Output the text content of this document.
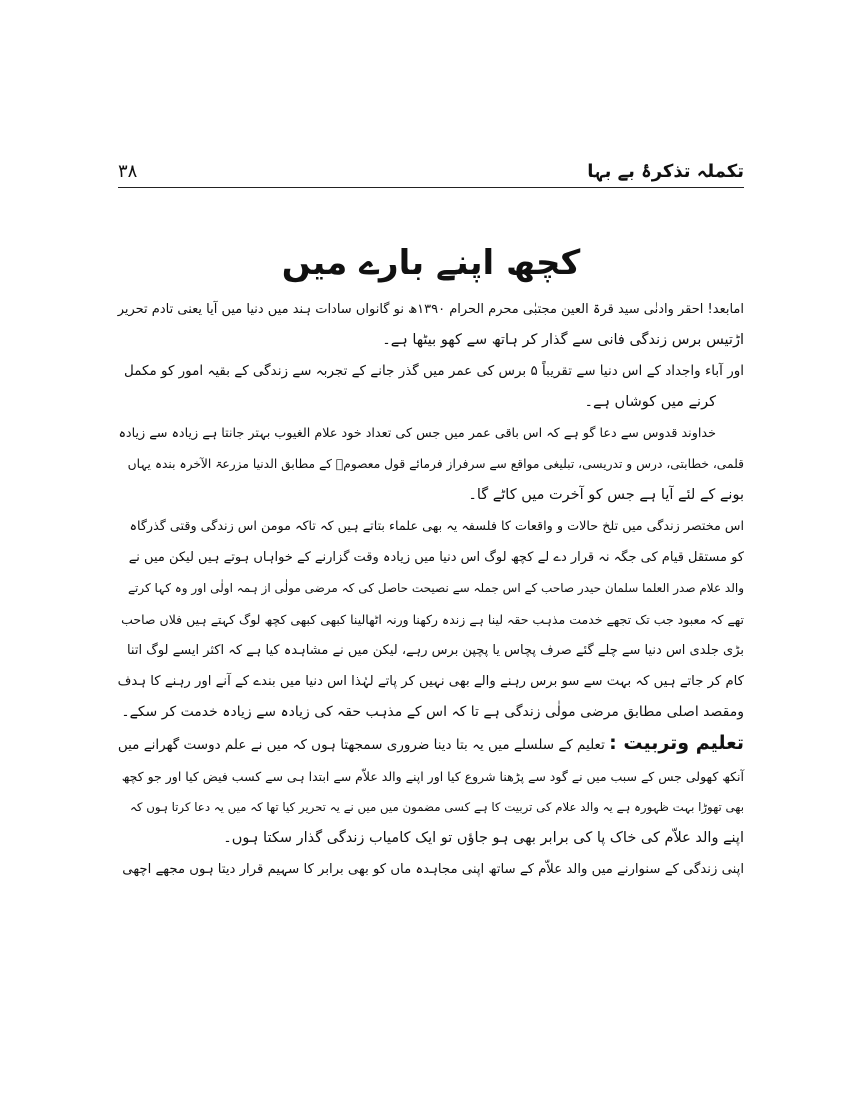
تکملہ تذکرۂ بے بہا
۳۸
کچھ اپنے بارے میں

امابعد! احقر وادنٰی سید قرۃ العین مجتبٰی محرم الحرام ۱۳۹۰ھ نو گانواں سادات ہند میں دنیا میں آیا یعنی تادم تحریر
اڑتیس برس زندگی فانی سے گذار کر ہاتھ سے کھو بیٹھا ہے۔

اور آباء واجداد کے اس دنیا سے تقریباً ۵ برس کی عمر میں گذر جانے کے تجربہ سے زندگی کے بقیہ امور کو مکمل
کرنے میں کوشاں ہے۔

خداوند قدوس سے دعا گو ہے کہ اس باقی عمر میں جس کی تعداد خود علام الغیوب بہتر جانتا ہے زیادہ سے زیادہ
قلمی، خطابتی، درس و تدریسی، تبلیغی مواقع سے سرفراز فرمائے قول معصومؑ کے مطابق الدنیا مزرعۃ الآخرہ بندہ یہاں
بونے کے لئے آیا ہے جس کو آخرت میں کاٹے گا۔

اس مختصر زندگی میں تلخ حالات و واقعات کا فلسفہ یہ بھی علماء بتاتے ہیں کہ تاکہ مومن اس زندگی وقتی گذرگاہ
کو مستقل قیام کی جگہ نہ قرار دے لے کچھ لوگ اس دنیا میں زیادہ وقت گزارنے کے خواہاں ہوتے ہیں لیکن میں نے
والد علام صدر العلما سلمان حیدر صاحب کے اس جملہ سے نصیحت حاصل کی کہ مرضی مولٰی از ہمہ اولٰی اور وہ کہا کرتے
تھے کہ معبود جب تک تجھے خدمت مذہب حقہ لینا ہے زندہ رکھنا ورنہ اٹھالینا کبھی کبھی کچھ لوگ کہتے ہیں فلاں صاحب
بڑی جلدی اس دنیا سے چلے گئے صرف پچاس یا پچپن برس رہے، لیکن میں نے مشاہدہ کیا ہے کہ اکثر ایسے لوگ اتنا
کام کر جاتے ہیں کہ بہت سے سو برس رہنے والے بھی نہیں کر پاتے لہٰذا اس دنیا میں بندے کے آنے اور رہنے کا ہدف
ومقصد اصلی مطابق مرضی مولٰی زندگی ہے تا کہ اس کے مذہب حقہ کی زیادہ سے زیادہ خدمت کر سکے۔

تعلیم وتربیت : تعلیم کے سلسلے میں یہ بتا دینا ضروری سمجھتا ہوں کہ میں نے علم دوست گھرانے میں
آنکھ کھولی جس کے سبب میں نے گود سے پڑھنا شروع کیا اور اپنے والد علاّم سے ابتدا ہی سے کسب فیض کیا اور جو کچھ
بھی تھوڑا بہت ظہورہ ہے یہ والد علام کی تربیت کا ہے کسی مضمون میں میں نے یہ تحریر کیا تھا کہ میں یہ دعا کرتا ہوں کہ
اپنے والد علاّم کی خاک پا کی برابر بھی ہو جاؤں تو ایک کامیاب زندگی گذار سکتا ہوں۔

اپنی زندگی کے سنوارنے میں والد علاّم کے ساتھ اپنی مجاہدہ ماں کو بھی برابر کا سہیم قرار دیتا ہوں مجھے اچھی
